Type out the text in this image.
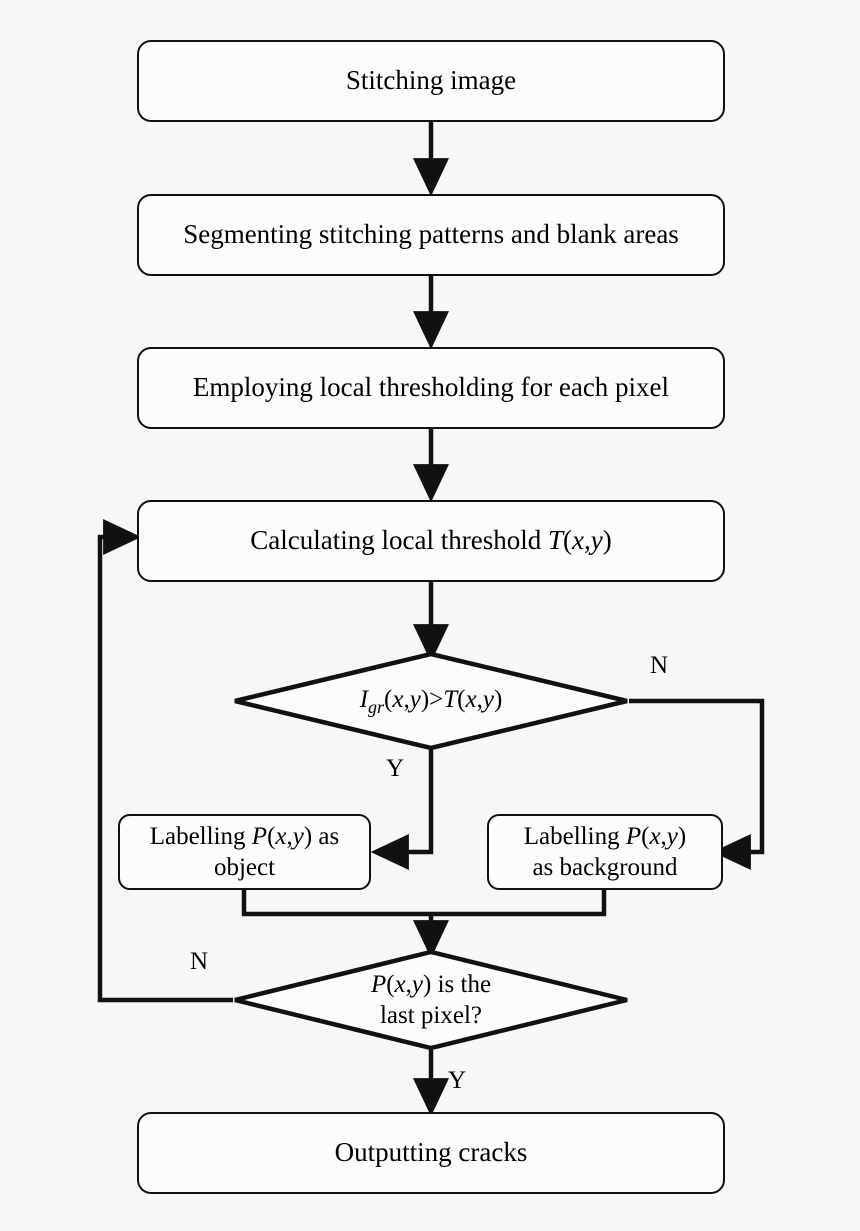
Stitching image
Segmenting stitching patterns and blank areas
Employing local thresholding for each pixel
Calculating local threshold T(x,y)
$I_{gr}(x,y)>T(x,y)$
Labelling P(x,y) as
object
Labelling P(x,y)
as background
P(x,y) is the
last pixel?
Outputting cracks
N
Y
N
Y
